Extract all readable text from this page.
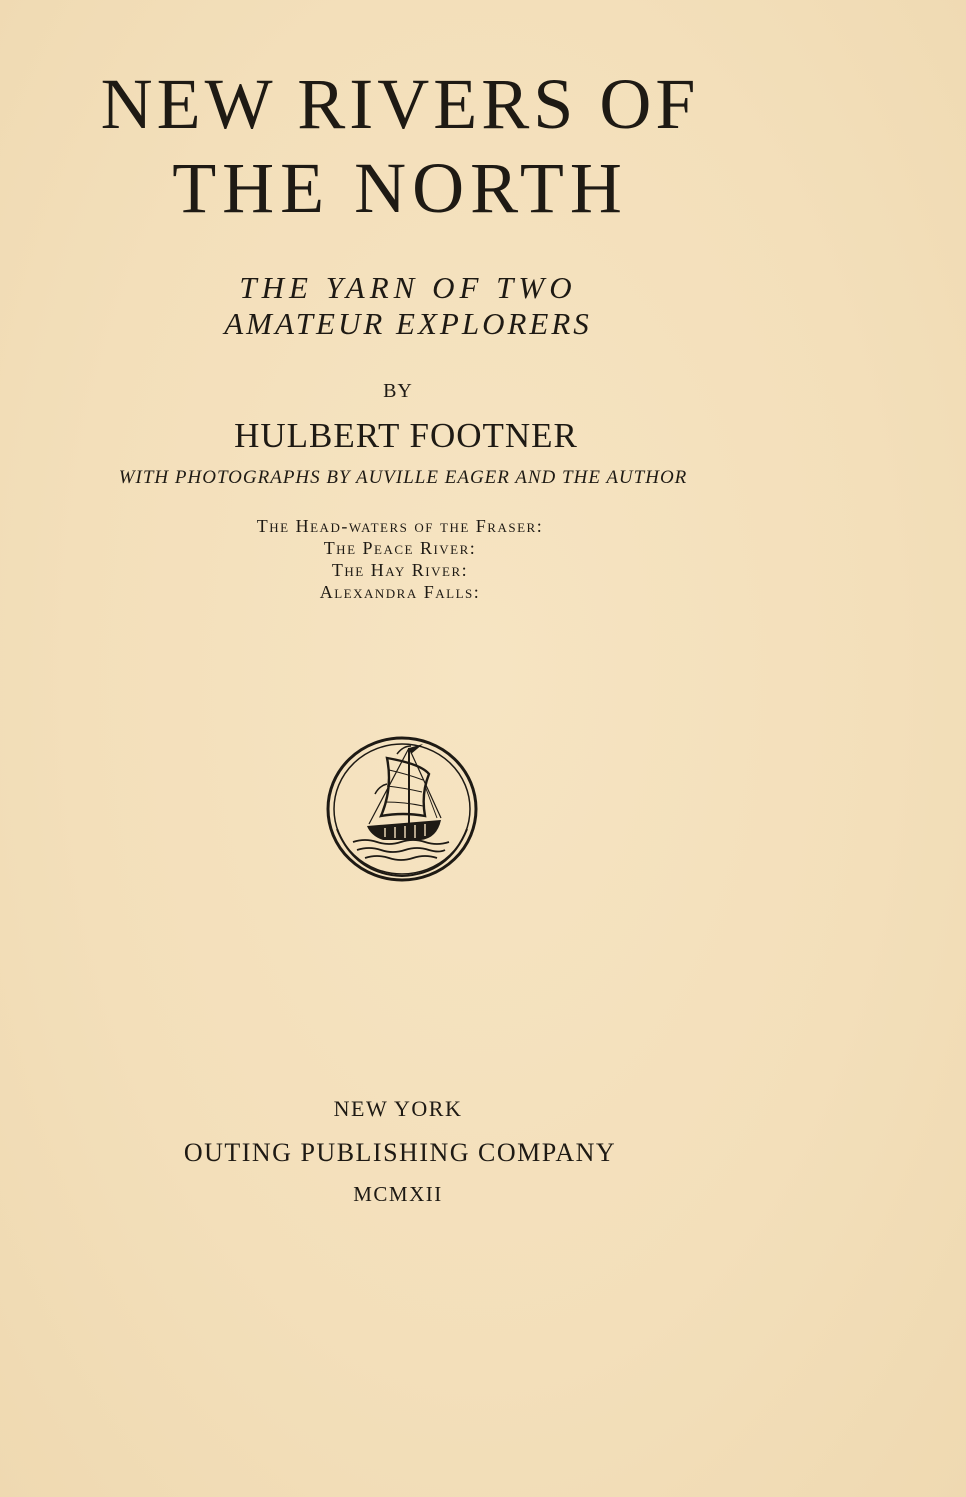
NEW RIVERS OF
THE NORTH
THE YARN OF TWO
AMATEUR EXPLORERS
BY
HULBERT FOOTNER
WITH PHOTOGRAPHS BY AUVILLE EAGER AND THE AUTHOR
The Head-waters of the Fraser:
The Peace River:
The Hay River:
Alexandra Falls:
NEW YORK
OUTING PUBLISHING COMPANY
MCMXII
